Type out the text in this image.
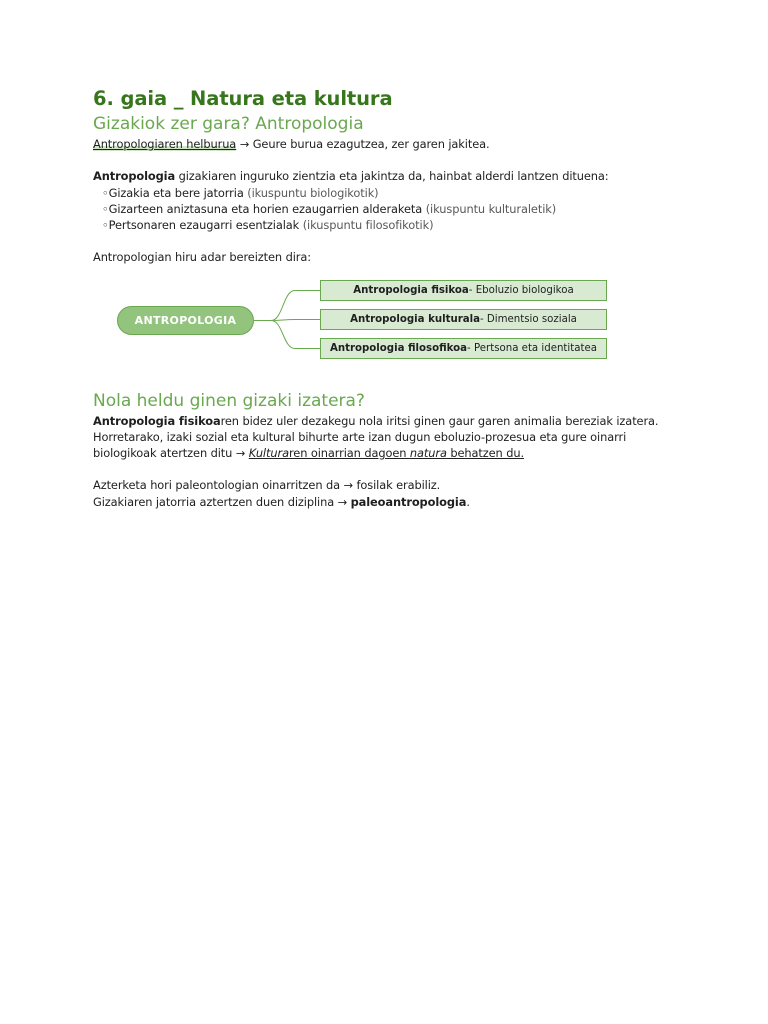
6. gaia _ Natura eta kultura
Gizakiok zer gara? Antropologia

Antropologiaren helburua → Geure burua ezagutzea, zer garen jakitea.

Antropologia gizakiaren inguruko zientzia eta jakintza da, hainbat alderdi lantzen dituena:

◦Gizakia eta bere jatorria (ikuspuntu biologikotik)

◦Gizarteen aniztasuna eta horien ezaugarrien alderaketa (ikuspuntu kulturaletik)

◦Pertsonaren ezaugarri esentzialak (ikuspuntu filosofikotik)

Antropologian hiru adar bereizten dira:

ANTROPOLOGIA
Antropologia fisikoa - Eboluzio biologikoa
Antropologia kulturala - Dimentsio soziala
Antropologia filosofikoa - Pertsona eta identitatea
Nola heldu ginen gizaki izatera?

Antropologia fisikoaren bidez uler dezakegu nola iritsi ginen gaur garen animalia bereziak izatera. Horretarako, izaki sozial eta kultural bihurte arte izan dugun eboluzio-prozesua eta gure oinarri biologikoak atertzen ditu → Kulturaren oinarrian dagoen natura behatzen du.

Azterketa hori paleontologian oinarritzen da → fosilak erabiliz.

Gizakiaren jatorria aztertzen duen diziplina → paleoantropologia.
